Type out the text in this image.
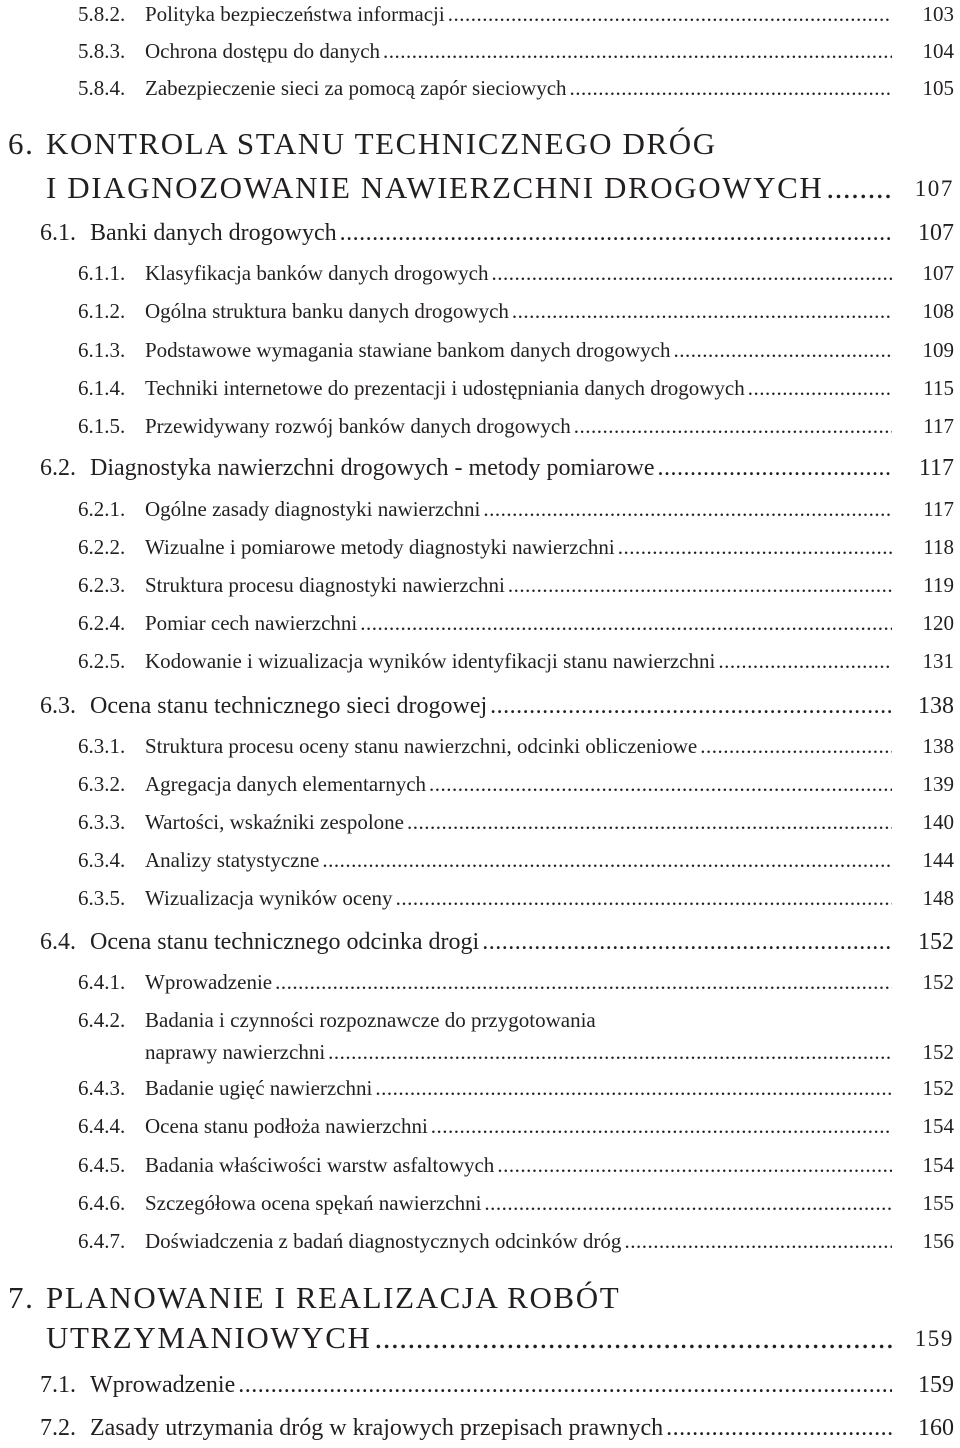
5.8.2. Polityka bezpieczeństwa informacji .....	103
5.8.3. Ochrona dostępu do danych .....	104
5.8.4. Zabezpieczenie sieci za pomocą zapór sieciowych .....	105
6. KONTROLA STANU TECHNICZNEGO DRÓG
I DIAGNOZOWANIE NAWIERZCHNI DROGOWYCH .....	107
6.1. Banki danych drogowych .....	107
6.1.1. Klasyfikacja banków danych drogowych .....	107
6.1.2. Ogólna struktura banku danych drogowych .....	108
6.1.3. Podstawowe wymagania stawiane bankom danych drogowych .....	109
6.1.4. Techniki internetowe do prezentacji i udostępniania danych drogowych .....	115
6.1.5. Przewidywany rozwój banków danych drogowych .....	117
6.2. Diagnostyka nawierzchni drogowych - metody pomiarowe .....	117
6.2.1. Ogólne zasady diagnostyki nawierzchni .....	117
6.2.2. Wizualne i pomiarowe metody diagnostyki nawierzchni .....	118
6.2.3. Struktura procesu diagnostyki nawierzchni .....	119
6.2.4. Pomiar cech nawierzchni .....	120
6.2.5. Kodowanie i wizualizacja wyników identyfikacji stanu nawierzchni .....	131
6.3. Ocena stanu technicznego sieci drogowej .....	138
6.3.1. Struktura procesu oceny stanu nawierzchni, odcinki obliczeniowe .....	138
6.3.2. Agregacja danych elementarnych .....	139
6.3.3. Wartości, wskaźniki zespolone .....	140
6.3.4. Analizy statystyczne .....	144
6.3.5. Wizualizacja wyników oceny .....	148
6.4. Ocena stanu technicznego odcinka drogi .....	152
6.4.1. Wprowadzenie .....	152
6.4.2. Badania i czynności rozpoznawcze do przygotowania
naprawy nawierzchni .....	152
6.4.3. Badanie ugięć nawierzchni .....	152
6.4.4. Ocena stanu podłoża nawierzchni .....	154
6.4.5. Badania właściwości warstw asfaltowych .....	154
6.4.6. Szczegółowa ocena spękań nawierzchni .....	155
6.4.7. Doświadczenia z badań diagnostycznych odcinków dróg .....	156
7. PLANOWANIE I REALIZACJA ROBÓT
UTRZYMANIOWYCH .....	159
7.1. Wprowadzenie .....	159
7.2. Zasady utrzymania dróg w krajowych przepisach prawnych .....	160
